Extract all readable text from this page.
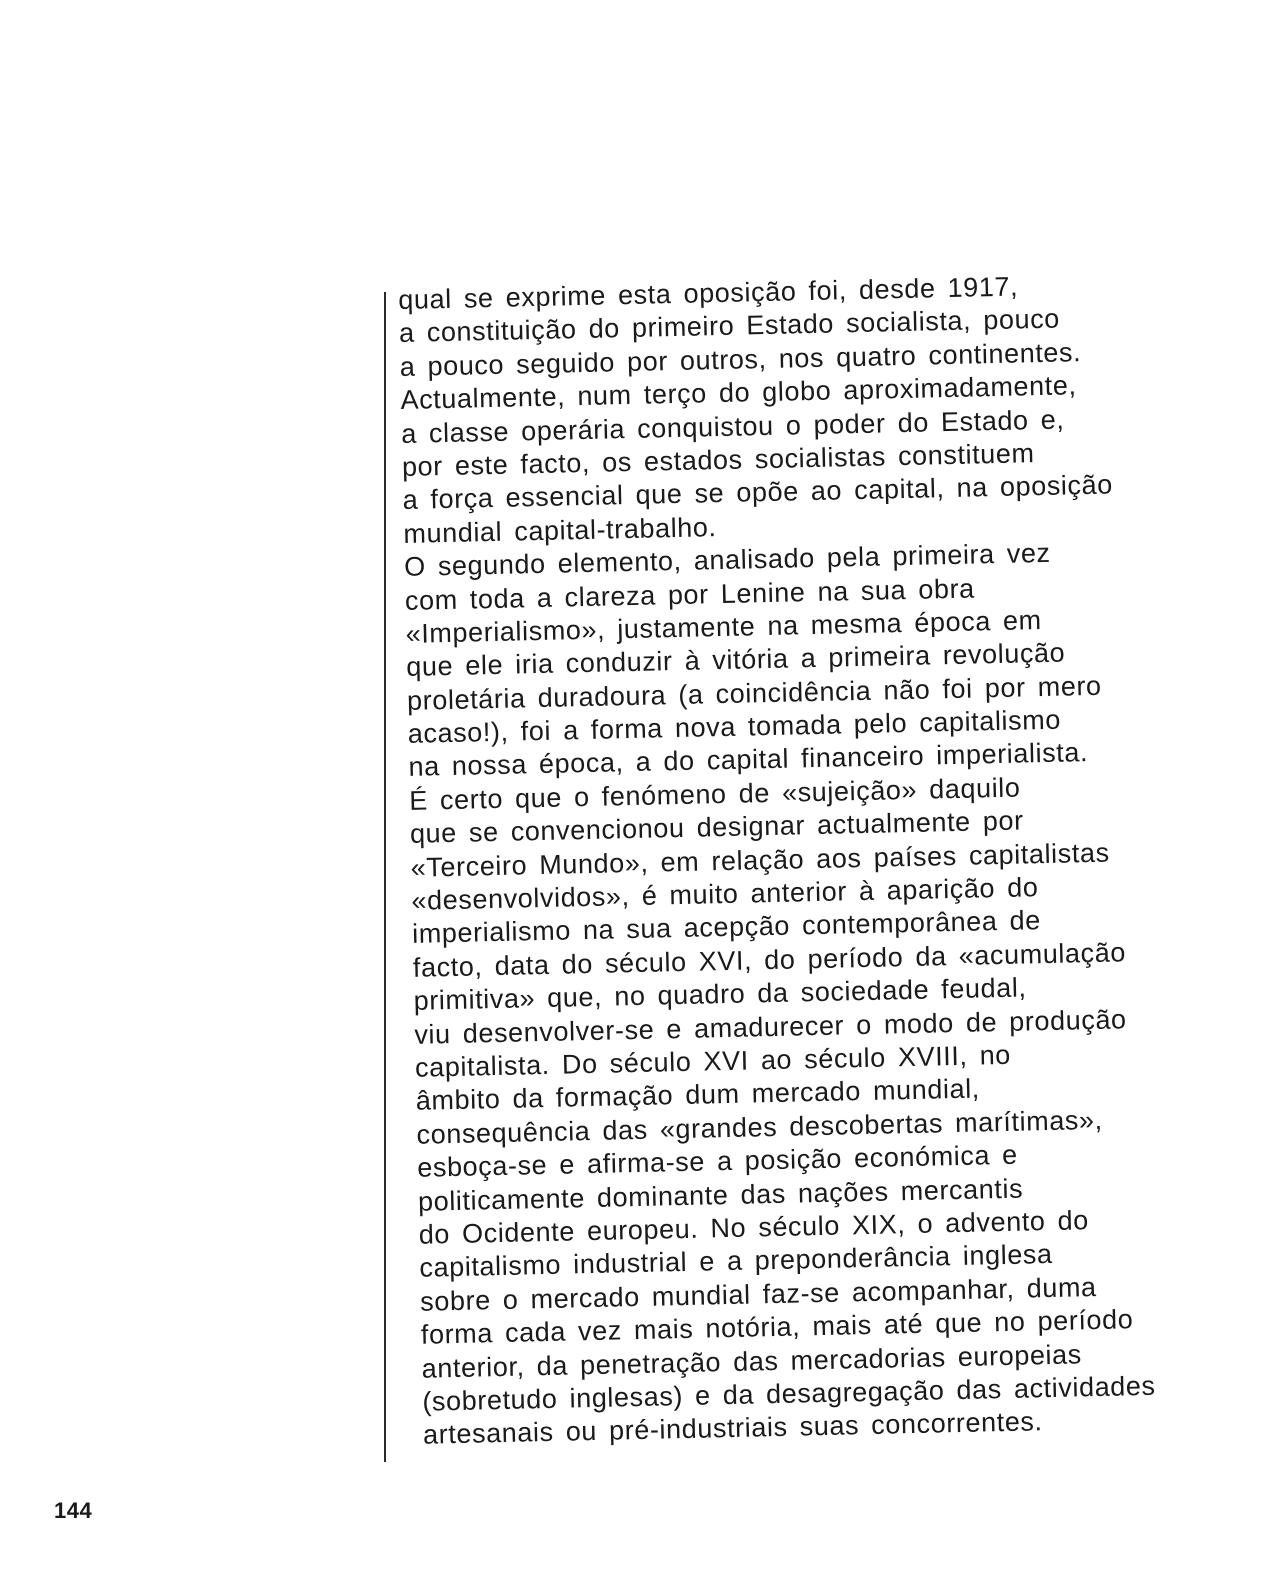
qual se exprime esta oposição foi, desde 1917,
a constituição do primeiro Estado socialista, pouco
a pouco seguido por outros, nos quatro continentes.
Actualmente, num terço do globo aproximadamente,
a classe operária conquistou o poder do Estado e,
por este facto, os estados socialistas constituem
a força essencial que se opõe ao capital, na oposição
mundial capital-trabalho.
O segundo elemento, analisado pela primeira vez
com toda a clareza por Lenine na sua obra
«Imperialismo», justamente na mesma época em
que ele iria conduzir à vitória a primeira revolução
proletária duradoura (a coincidência não foi por mero
acaso!), foi a forma nova tomada pelo capitalismo
na nossa época, a do capital financeiro imperialista.
É certo que o fenómeno de «sujeição» daquilo
que se convencionou designar actualmente por
«Terceiro Mundo», em relação aos países capitalistas
«desenvolvidos», é muito anterior à aparição do
imperialismo na sua acepção contemporânea de
facto, data do século XVI, do período da «acumulação
primitiva» que, no quadro da sociedade feudal,
viu desenvolver-se e amadurecer o modo de produção
capitalista. Do século XVI ao século XVIII, no
âmbito da formação dum mercado mundial,
consequência das «grandes descobertas marítimas»,
esboça-se e afirma-se a posição económica e
politicamente dominante das nações mercantis
do Ocidente europeu. No século XIX, o advento do
capitalismo industrial e a preponderância inglesa
sobre o mercado mundial faz-se acompanhar, duma
forma cada vez mais notória, mais até que no período
anterior, da penetração das mercadorias europeias
(sobretudo inglesas) e da desagregação das actividades
artesanais ou pré-industriais suas concorrentes.
144
